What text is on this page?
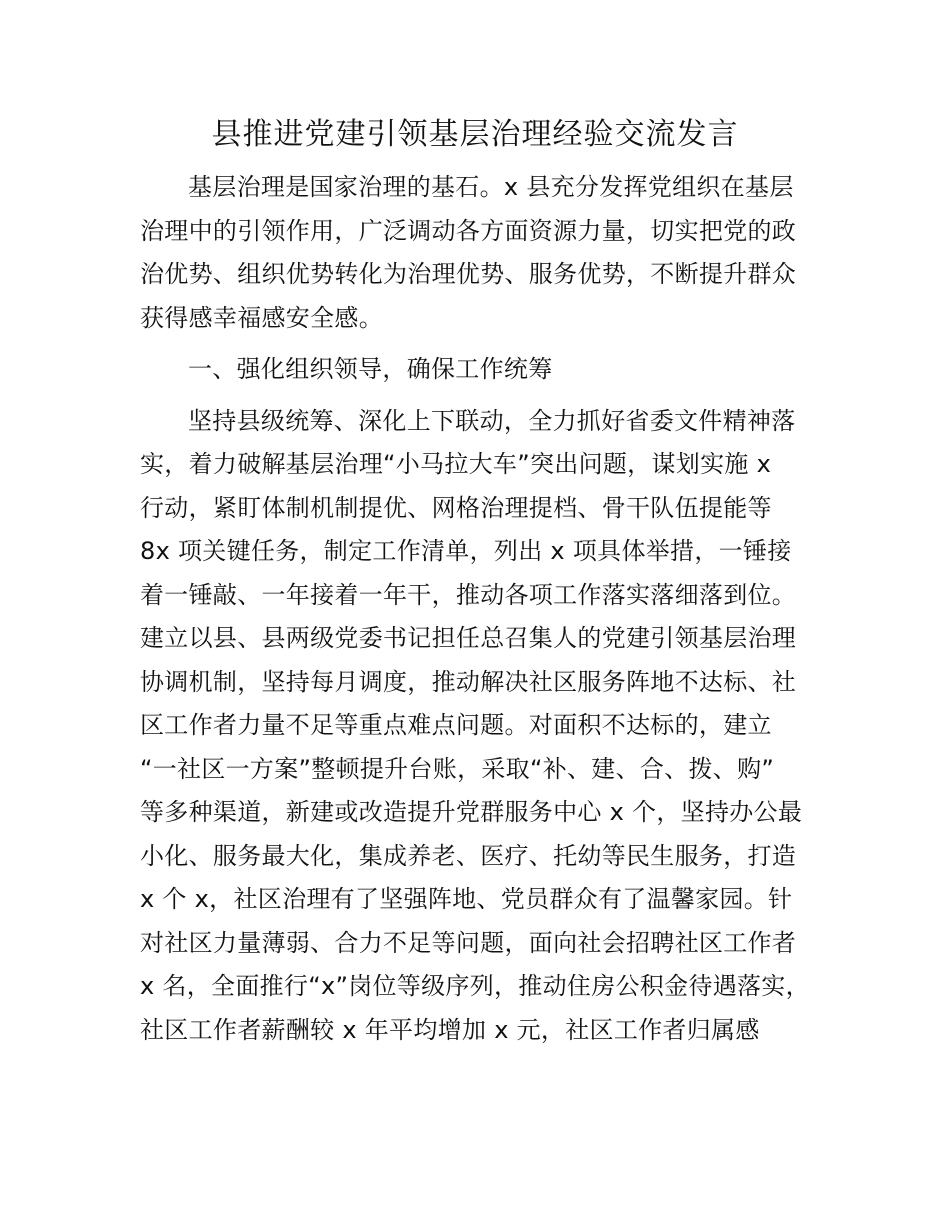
县推进党建引领基层治理经验交流发言
基层治理是国家治理的基石。x 县充分发挥党组织在基层
治理中的引领作用，广泛调动各方面资源力量，切实把党的政
治优势、组织优势转化为治理优势、服务优势，不断提升群众
获得感幸福感安全感。
一、强化组织领导，确保工作统筹
坚持县级统筹、深化上下联动，全力抓好省委文件精神落
实，着力破解基层治理“小马拉大车”突出问题，谋划实施 x
行动，紧盯体制机制提优、网格治理提档、骨干队伍提能等
8x 项关键任务，制定工作清单，列出 x 项具体举措，一锤接
着一锤敲、一年接着一年干，推动各项工作落实落细落到位。
建立以县、县两级党委书记担任总召集人的党建引领基层治理
协调机制，坚持每月调度，推动解决社区服务阵地不达标、社
区工作者力量不足等重点难点问题。对面积不达标的，建立
“一社区一方案”整顿提升台账，采取“补、建、合、拨、购”
等多种渠道，新建或改造提升党群服务中心 x 个，坚持办公最
小化、服务最大化，集成养老、医疗、托幼等民生服务，打造
x 个 x，社区治理有了坚强阵地、党员群众有了温馨家园。针
对社区力量薄弱、合力不足等问题，面向社会招聘社区工作者
x 名，全面推行“x”岗位等级序列，推动住房公积金待遇落实，
社区工作者薪酬较 x 年平均增加 x 元，社区工作者归属感
